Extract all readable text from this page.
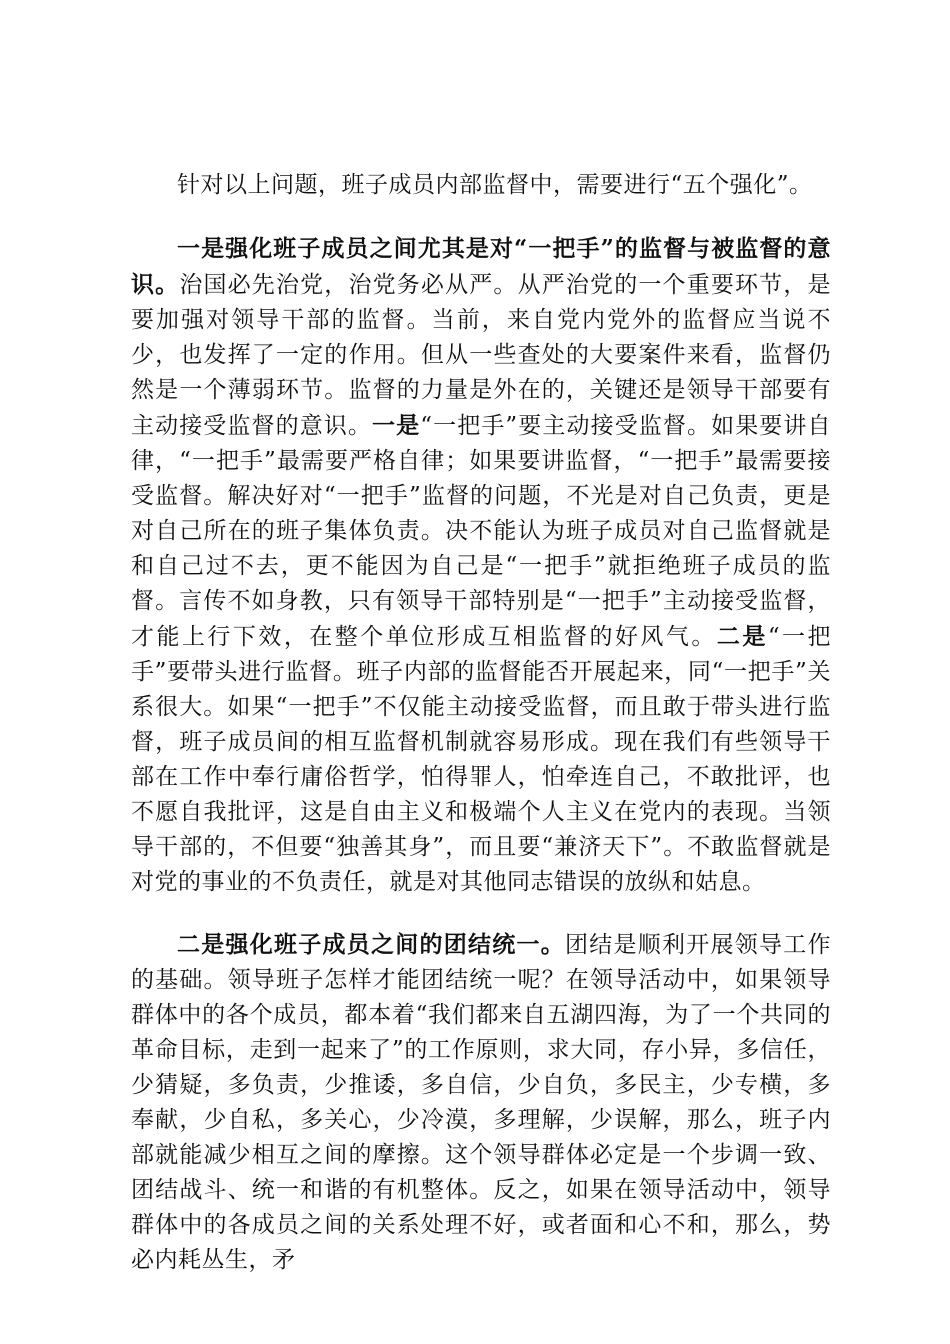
针对以上问题，班子成员内部监督中，需要进行“五个强化”。

一是强化班子成员之间尤其是对“一把手”的监督与被监督的意识。治国必先治党，治党务必从严。从严治党的一个重要环节，是要加强对领导干部的监督。当前，来自党内党外的监督应当说不少，也发挥了一定的作用。但从一些查处的大要案件来看，监督仍然是一个薄弱环节。监督的力量是外在的，关键还是领导干部要有主动接受监督的意识。一是“一把手”要主动接受监督。如果要讲自律，“一把手”最需要严格自律；如果要讲监督，“一把手”最需要接受监督。解决好对“一把手”监督的问题，不光是对自己负责，更是对自己所在的班子集体负责。决不能认为班子成员对自己监督就是和自己过不去，更不能因为自己是“一把手”就拒绝班子成员的监督。言传不如身教，只有领导干部特别是“一把手”主动接受监督，才能上行下效，在整个单位形成互相监督的好风气。二是“一把手”要带头进行监督。班子内部的监督能否开展起来，同“一把手”关系很大。如果“一把手”不仅能主动接受监督，而且敢于带头进行监督，班子成员间的相互监督机制就容易形成。现在我们有些领导干部在工作中奉行庸俗哲学，怕得罪人，怕牵连自己，不敢批评，也不愿自我批评，这是自由主义和极端个人主义在党内的表现。当领导干部的，不但要“独善其身”，而且要“兼济天下”。不敢监督就是对党的事业的不负责任，就是对其他同志错误的放纵和姑息。

二是强化班子成员之间的团结统一。团结是顺利开展领导工作的基础。领导班子怎样才能团结统一呢？在领导活动中，如果领导群体中的各个成员，都本着“我们都来自五湖四海，为了一个共同的革命目标，走到一起来了”的工作原则，求大同，存小异，多信任，少猜疑，多负责，少推诿，多自信，少自负，多民主，少专横，多奉献，少自私，多关心，少冷漠，多理解，少误解，那么，班子内部就能减少相互之间的摩擦。这个领导群体必定是一个步调一致、团结战斗、统一和谐的有机整体。反之，如果在领导活动中，领导群体中的各成员之间的关系处理不好，或者面和心不和，那么，势必内耗丛生，矛
